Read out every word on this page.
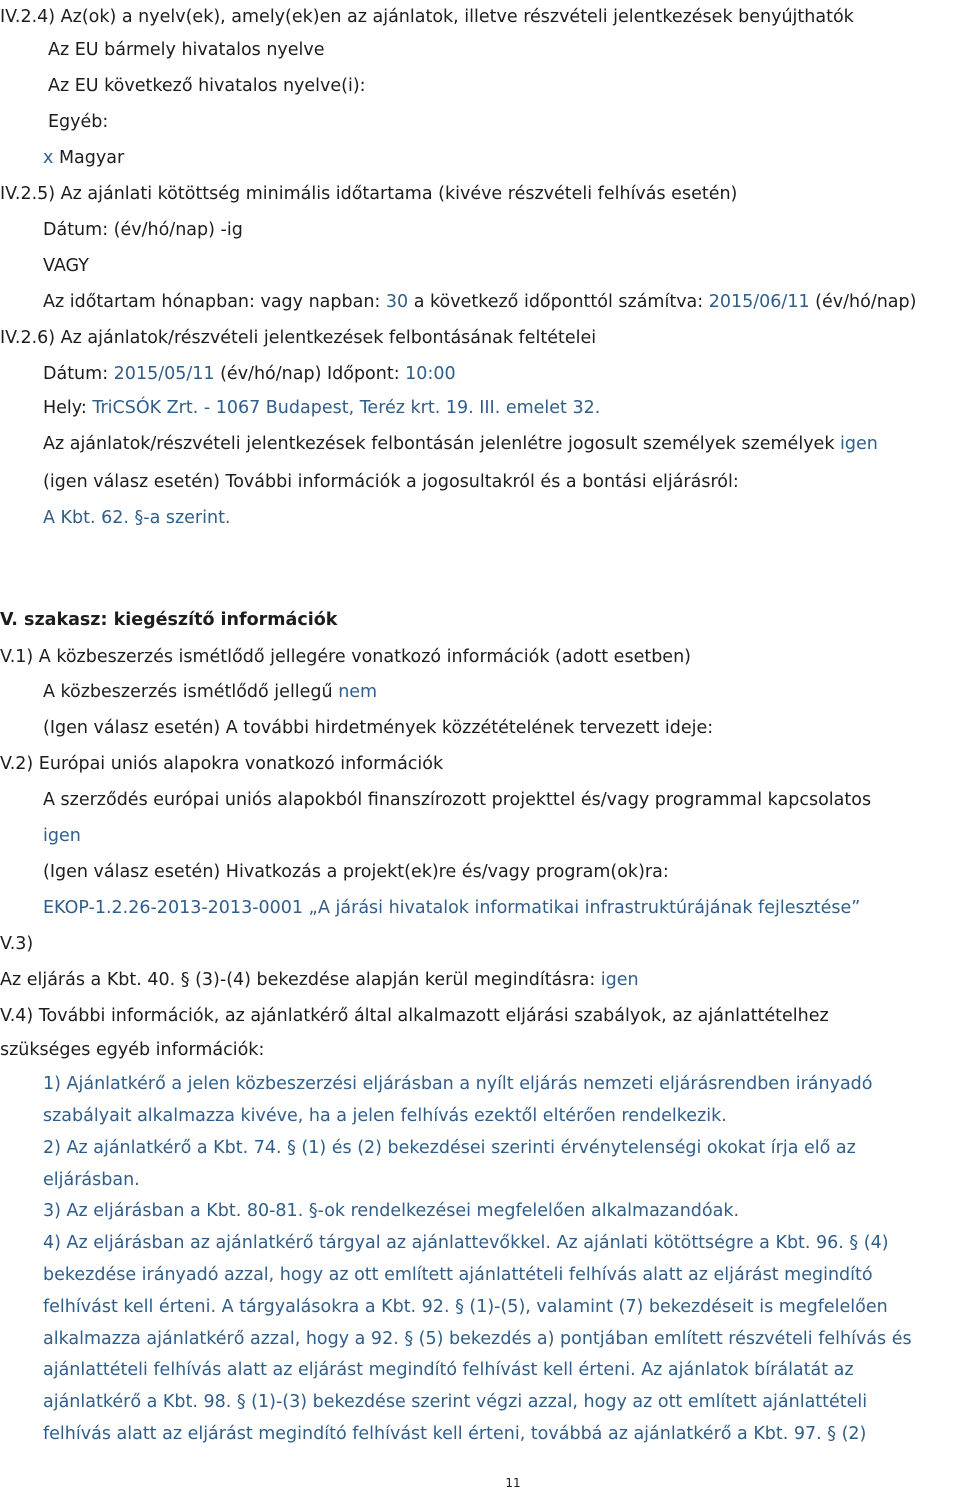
IV.2.4) Az(ok) a nyelv(ek), amely(ek)en az ajánlatok, illetve részvételi jelentkezések benyújthatók
Az EU bármely hivatalos nyelve
Az EU következő hivatalos nyelve(i):
Egyéb:
x Magyar
IV.2.5) Az ajánlati kötöttség minimális időtartama (kivéve részvételi felhívás esetén)
Dátum: (év/hó/nap) -ig
VAGY
Az időtartam hónapban: vagy napban: 30 a következő időponttól számítva: 2015/06/11 (év/hó/nap)
IV.2.6) Az ajánlatok/részvételi jelentkezések felbontásának feltételei
Dátum: 2015/05/11 (év/hó/nap) Időpont: 10:00
Hely: TriCSÓK Zrt. - 1067 Budapest, Teréz krt. 19. III. emelet 32.
Az ajánlatok/részvételi jelentkezések felbontásán jelenlétre jogosult személyek személyek igen
(igen válasz esetén) További információk a jogosultakról és a bontási eljárásról:
A Kbt. 62. §-a szerint.
V. szakasz: kiegészítő információk
V.1) A közbeszerzés ismétlődő jellegére vonatkozó információk (adott esetben)
A közbeszerzés ismétlődő jellegű nem
(Igen válasz esetén) A további hirdetmények közzétételének tervezett ideje:
V.2) Európai uniós alapokra vonatkozó információk
A szerződés európai uniós alapokból finanszírozott projekttel és/vagy programmal kapcsolatos
igen
(Igen válasz esetén) Hivatkozás a projekt(ek)re és/vagy program(ok)ra:
EKOP-1.2.26-2013-2013-0001 „A járási hivatalok informatikai infrastruktúrájának fejlesztése”
V.3)
Az eljárás a Kbt. 40. § (3)-(4) bekezdése alapján kerül megindításra: igen
V.4) További információk, az ajánlatkérő által alkalmazott eljárási szabályok, az ajánlattételhez
szükséges egyéb információk:
1) Ajánlatkérő a jelen közbeszerzési eljárásban a nyílt eljárás nemzeti eljárásrendben irányadó
szabályait alkalmazza kivéve, ha a jelen felhívás ezektől eltérően rendelkezik.
2) Az ajánlatkérő a Kbt. 74. § (1) és (2) bekezdései szerinti érvénytelenségi okokat írja elő az
eljárásban.
3) Az eljárásban a Kbt. 80-81. §-ok rendelkezései megfelelően alkalmazandóak.
4) Az eljárásban az ajánlatkérő tárgyal az ajánlattevőkkel. Az ajánlati kötöttségre a Kbt. 96. § (4)
bekezdése irányadó azzal, hogy az ott említett ajánlattételi felhívás alatt az eljárást megindító
felhívást kell érteni. A tárgyalásokra a Kbt. 92. § (1)-(5), valamint (7) bekezdéseit is megfelelően
alkalmazza ajánlatkérő azzal, hogy a 92. § (5) bekezdés a) pontjában említett részvételi felhívás és
ajánlattételi felhívás alatt az eljárást megindító felhívást kell érteni. Az ajánlatok bírálatát az
ajánlatkérő a Kbt. 98. § (1)-(3) bekezdése szerint végzi azzal, hogy az ott említett ajánlattételi
felhívás alatt az eljárást megindító felhívást kell érteni, továbbá az ajánlatkérő a Kbt. 97. § (2)
11
